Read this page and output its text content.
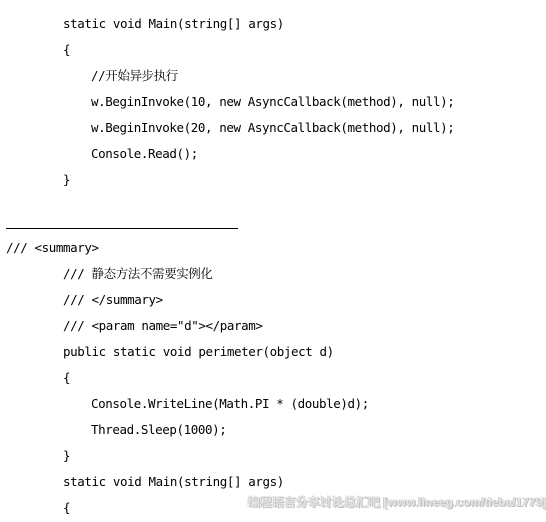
static void Main(string[] args)
{
//开始异步执行
w.BeginInvoke(10, new AsyncCallback(method), null);
w.BeginInvoke(20, new AsyncCallback(method), null);
Console.Read();
}
/// <summary>
/// 静态方法不需要实例化
/// </summary>
/// <param name="d"></param>
public static void perimeter(object d)
{
Console.WriteLine(Math.PI * (double)d);
Thread.Sleep(1000);
}
static void Main(string[] args)
{	编程语言分享讨论总汇吧 [www.lineeg.com/tieba/1779]
